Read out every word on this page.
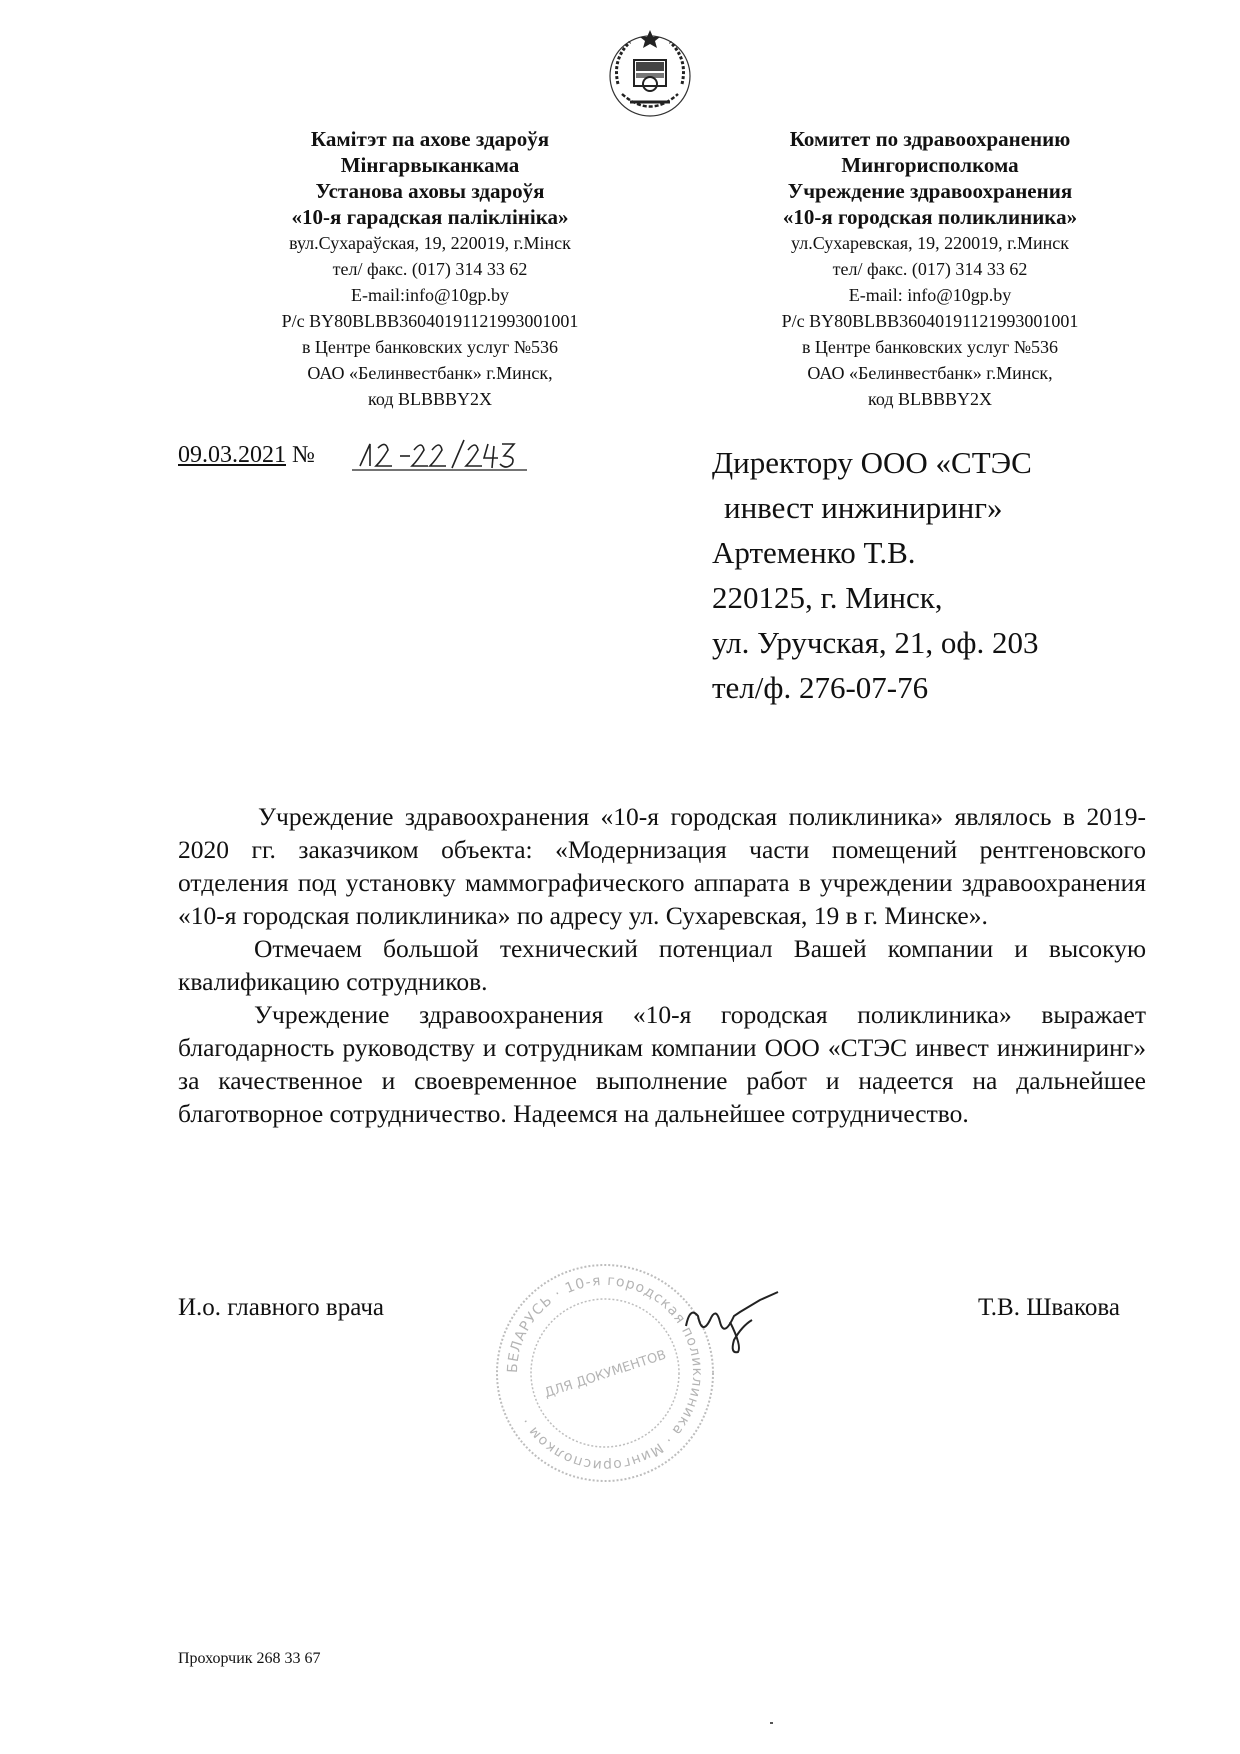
Камітэт па ахове здароўя
Мінгарвыканкама
Установа аховы здароўя
«10-я гарадская паліклініка»
вул.Сухараўская, 19, 220019, г.Мінск
тел/ факс. (017) 314 33 62
E-mail:info@10gp.by
Р/с BY80BLBB36040191121993001001
в Центре банковских услуг №536
ОАО «Белинвестбанк» г.Минск,
код BLBBBY2X
Комитет по здравоохранению
Мингорисполкома
Учреждение здравоохранения
«10-я городская поликлиника»
ул.Сухаревская, 19, 220019, г.Минск
тел/ факс. (017) 314 33 62
E-mail: info@10gp.by
Р/с BY80BLBB36040191121993001001
в Центре банковских услуг №536
ОАО «Белинвестбанк» г.Минск,
код BLBBBY2X
09.03.2021 №	Директору ООО «СТЭС
инвест инжиниринг»
Артеменко Т.В.
220125, г. Минск,
ул. Уручская, 21, оф. 203
тел/ф. 276-07-76

Учреждение здравоохранения «10-я городская поликлиника» являлось в 2019-2020 гг. заказчиком объекта: «Модернизация части помещений рентгеновского отделения под установку маммографического аппарата в учреждении здравоохранения «10-я городская поликлиника» по адресу ул. Сухаревская, 19 в г. Минске».

Отмечаем большой технический потенциал Вашей компании и высокую квалификацию сотрудников.

Учреждение здравоохранения «10-я городская поликлиника» выражает благодарность руководству и сотрудникам компании ООО «СТЭС инвест инжиниринг» за качественное и своевременное выполнение работ и надеется на дальнейшее благотворное сотрудничество. Надеемся на дальнейшее сотрудничество.

БЕЛАРУСЬ · 10-я городская поликлиника · Мингорисполком ·
ДЛЯ ДОКУМЕНТОВ
И.о. главного врача	Т.В. Швакова
Прохорчик 268 33 67
